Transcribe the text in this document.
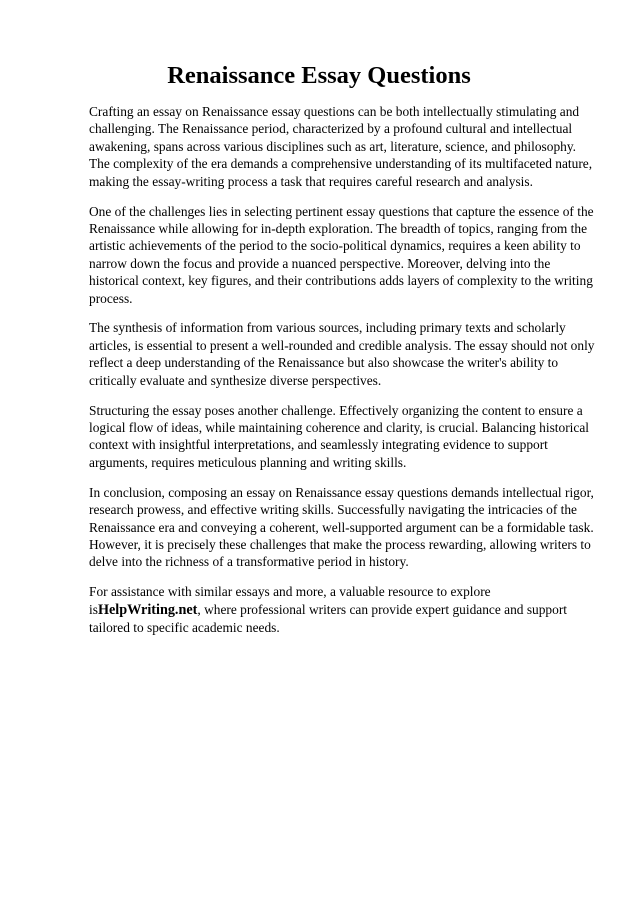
Renaissance Essay Questions

Crafting an essay on Renaissance essay questions can be both intellectually stimulating and challenging. The Renaissance period, characterized by a profound cultural and intellectual awakening, spans across various disciplines such as art, literature, science, and philosophy. The complexity of the era demands a comprehensive understanding of its multifaceted nature, making the essay-writing process a task that requires careful research and analysis.

One of the challenges lies in selecting pertinent essay questions that capture the essence of the Renaissance while allowing for in-depth exploration. The breadth of topics, ranging from the artistic achievements of the period to the socio-political dynamics, requires a keen ability to narrow down the focus and provide a nuanced perspective. Moreover, delving into the historical context, key figures, and their contributions adds layers of complexity to the writing process.

The synthesis of information from various sources, including primary texts and scholarly articles, is essential to present a well-rounded and credible analysis. The essay should not only reflect a deep understanding of the Renaissance but also showcase the writer's ability to critically evaluate and synthesize diverse perspectives.

Structuring the essay poses another challenge. Effectively organizing the content to ensure a logical flow of ideas, while maintaining coherence and clarity, is crucial. Balancing historical context with insightful interpretations, and seamlessly integrating evidence to support arguments, requires meticulous planning and writing skills.

In conclusion, composing an essay on Renaissance essay questions demands intellectual rigor, research prowess, and effective writing skills. Successfully navigating the intricacies of the Renaissance era and conveying a coherent, well-supported argument can be a formidable task. However, it is precisely these challenges that make the process rewarding, allowing writers to delve into the richness of a transformative period in history.

For assistance with similar essays and more, a valuable resource to explore isHelpWriting.net, where professional writers can provide expert guidance and support tailored to specific academic needs.
